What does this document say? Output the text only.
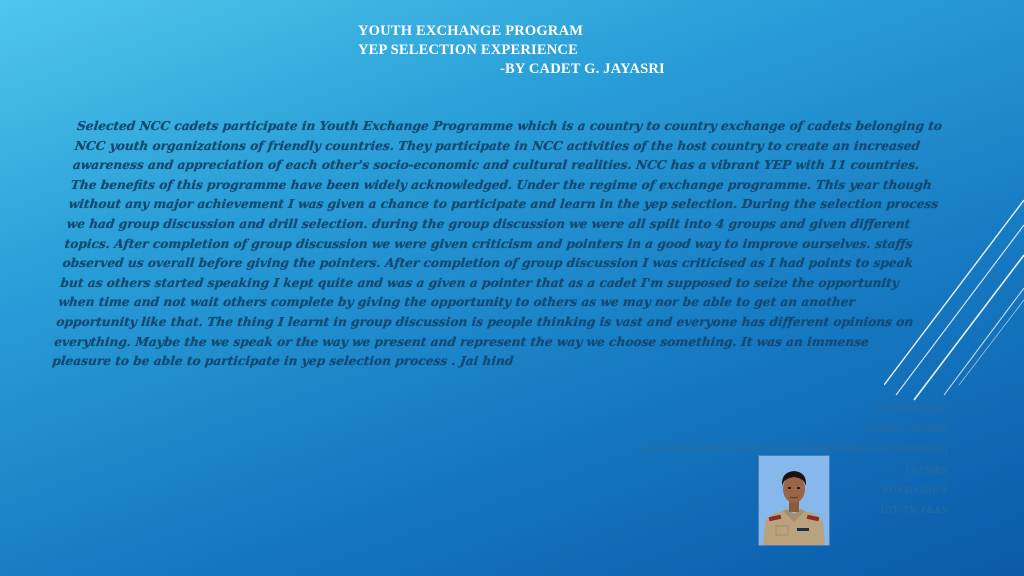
YOUTH EXCHANGE PROGRAM
YEP SELECTION EXPERIENCE
-BY CADET G. JAYASRI
Selected NCC cadets participate in Youth Exchange Programme which is a country to country exchange of cadets belonging to NCC youth organizations of friendly countries. They participate in NCC activities of the host country to create an increased awareness and appreciation of each other's socio-economic and cultural realities. NCC has a vibrant YEP with 11 countries. The benefits of this programme have been widely acknowledged. Under the regime of exchange programme. This year though without any major achievement I was given a chance to participate and learn in the yep selection. During the selection process we had group discussion and drill selection. during the group discussion we were all spilt into 4 groups and given different topics. After completion of group discussion we were given criticism and pointers in a good way to improve ourselves. staffs observed us overall before giving the pointers. After completion of group discussion I was criticised as I had points to speak but as others started speaking I kept quite and was a given a pointer that as a cadet I'm supposed to seize the opportunity when time and not wait others complete by giving the opportunity to others as we may nor be able to get an another opportunity like that. The thing I learnt in group discussion is people thinking is vast and everyone has different opinions on everything. Maybe the we speak or the way we present and represent the way we choose something. It was an immense pleasure to be able to participate in yep selection process . Jai hind
TN18SWA812417
CADET G.JAYASRI
K.S. RANGASAMY COLLEGE OF ARTS AND SCIENE (AUTONOMOUS)
13(TN)BN
KOVAI GROUP
DTE-TN, P&AN
